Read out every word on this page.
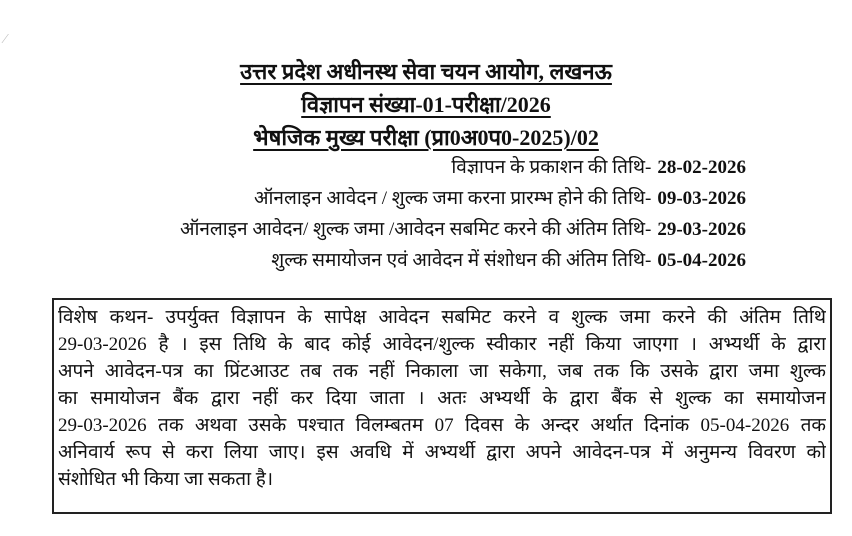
⁄
उत्तर प्रदेश अधीनस्थ सेवा चयन आयोग, लखनऊ
विज्ञापन संख्या-01-परीक्षा/2026
भेषजिक मुख्य परीक्षा (प्रा0अ0प0-2025)/02
विज्ञापन के प्रकाशन की तिथि- 28-02-2026
ऑनलाइन आवेदन / शुल्क जमा करना प्रारम्भ होने की तिथि- 09-03-2026
ऑनलाइन आवेदन/ शुल्क जमा /आवेदन सबमिट करने की अंतिम तिथि- 29-03-2026
शुल्क समायोजन एवं आवेदन में संशोधन की अंतिम तिथि- 05-04-2026
विशेष कथन- उपर्युक्त विज्ञापन के सापेक्ष आवेदन सबमिट करने व शुल्क जमा करने की अंतिम तिथि
29-03-2026 है । इस तिथि के बाद कोई आवेदन/शुल्क स्वीकार नहीं किया जाएगा । अभ्यर्थी के द्वारा
अपने आवेदन-पत्र का प्रिंटआउट तब तक नहीं निकाला जा सकेगा, जब तक कि उसके द्वारा जमा शुल्क
का समायोजन बैंक द्वारा नहीं कर दिया जाता । अतः अभ्यर्थी के द्वारा बैंक से शुल्क का समायोजन
29-03-2026 तक अथवा उसके पश्चात विलम्बतम 07 दिवस के अन्दर अर्थात दिनांक 05-04-2026 तक
अनिवार्य रूप से करा लिया जाए। इस अवधि में अभ्यर्थी द्वारा अपने आवेदन-पत्र में अनुमन्य विवरण को
संशोधित भी किया जा सकता है।
